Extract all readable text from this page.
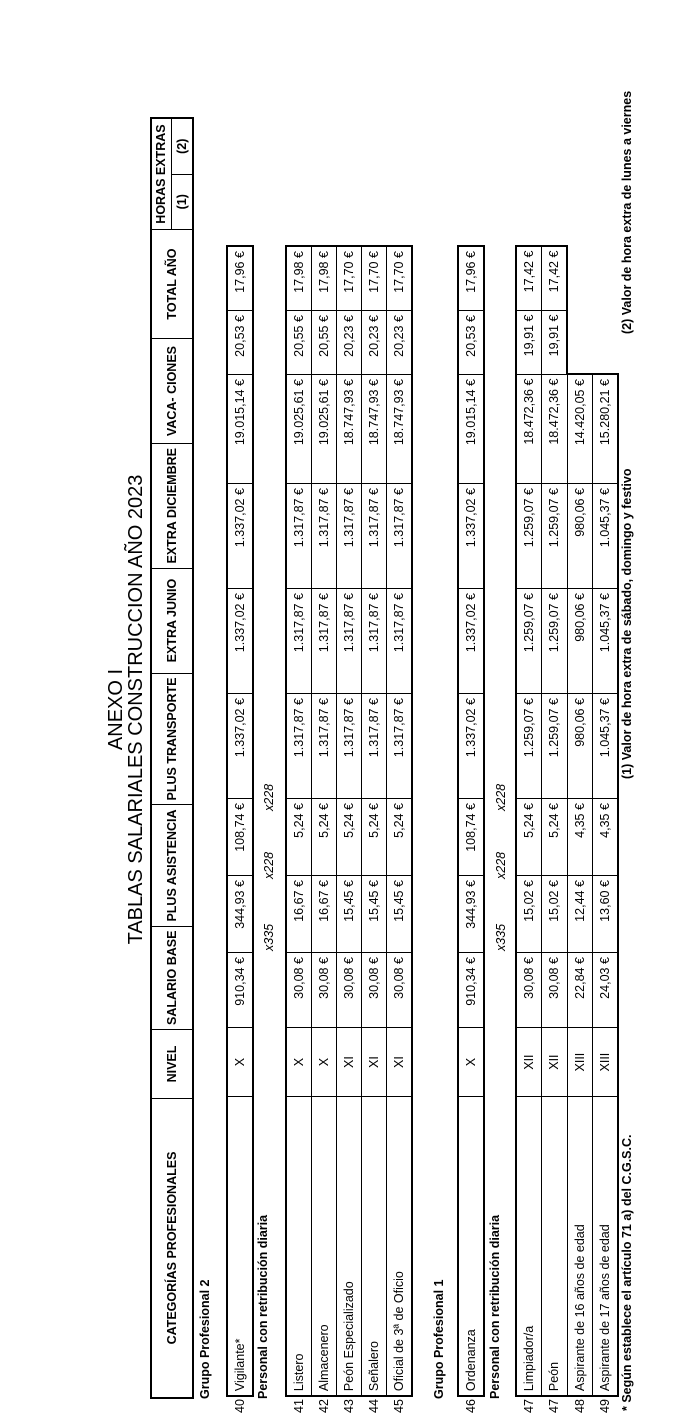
ANEXO I
TABLAS SALARIALES CONSTRUCCION AÑO 2023
	CATEGORÍAS PROFESIONALES	NIVEL	SALARIO BASE	PLUS ASISTENCIA	PLUS TRANSPORTE	EXTRA JUNIO	EXTRA DICIEMBRE	VACA- CIONES	TOTAL AÑO	
HORAS EXTRAS (1)
(2)
Grupo Profesional 2
40	Vigilante*	X	910,34 €	344,93 €	108,74 €	1.337,02 €	1.337,02 €	1.337,02 €	19.015,14 €	20,53 €	17,96 €
Personal con retribución diaria
x335
x228
x228
41	Listero	X	30,08 €	16,67 €	5,24 €	1.317,87 €	1.317,87 €	1.317,87 €	19.025,61 €	20,55 €	17,98 €
42	Almacenero	X	30,08 €	16,67 €	5,24 €	1.317,87 €	1.317,87 €	1.317,87 €	19.025,61 €	20,55 €	17,98 €
43	Peón Especializado	XI	30,08 €	15,45 €	5,24 €	1.317,87 €	1.317,87 €	1.317,87 €	18.747,93 €	20,23 €	17,70 €
44	Señalero	XI	30,08 €	15,45 €	5,24 €	1.317,87 €	1.317,87 €	1.317,87 €	18.747,93 €	20,23 €	17,70 €
45	Oficial de 3ª de Oficio	XI	30,08 €	15,45 €	5,24 €	1.317,87 €	1.317,87 €	1.317,87 €	18.747,93 €	20,23 €	17,70 €
Grupo Profesional 1
46	Ordenanza	X	910,34 €	344,93 €	108,74 €	1.337,02 €	1.337,02 €	1.337,02 €	19.015,14 €	20,53 €	17,96 €
Personal con retribución diaria
x335
x228
x228
47	Limpiador/a	XII	30,08 €	15,02 €	5,24 €	1.259,07 €	1.259,07 €	1.259,07 €	18.472,36 €	19,91 €	17,42 €
47	Peón	XII	30,08 €	15,02 €	5,24 €	1.259,07 €	1.259,07 €	1.259,07 €	18.472,36 €	19,91 €	17,42 €
48	Aspirante de 16 años de edad	XIII	22,84 €	12,44 €	4,35 €	980,06 €	980,06 €	980,06 €	14.420,05 €		
49	Aspirante de 17 años de edad	XIII	24,03 €	13,60 €	4,35 €	1.045,37 €	1.045,37 €	1.045,37 €	15.280,21 €		
* Según establece el artículo 71 a) del C.G.S.C.
(1) Valor de hora extra de sábado, domingo y festivo
(2) Valor de hora extra de lunes a viernes
